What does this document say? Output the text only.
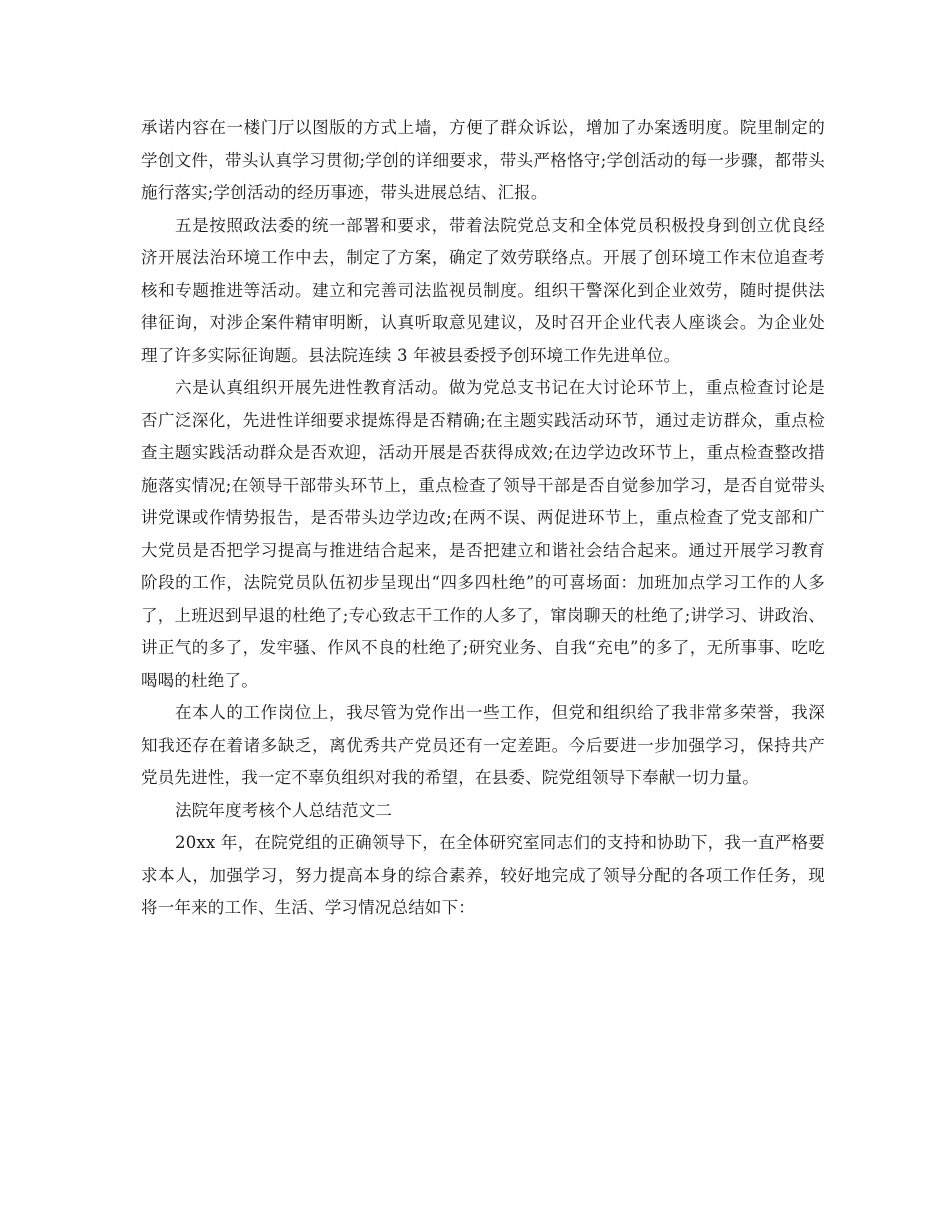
承诺内容在一楼门厅以图版的方式上墙，方便了群众诉讼，增加了办案透明度。院里制定的学创文件，带头认真学习贯彻;学创的详细要求，带头严格恪守;学创活动的每一步骤，都带头施行落实;学创活动的经历事迹，带头进展总结、汇报。

五是按照政法委的统一部署和要求，带着法院党总支和全体党员积极投身到创立优良经济开展法治环境工作中去，制定了方案，确定了效劳联络点。开展了创环境工作末位追查考核和专题推进等活动。建立和完善司法监视员制度。组织干警深化到企业效劳，随时提供法律征询，对涉企案件精审明断，认真听取意见建议，及时召开企业代表人座谈会。为企业处理了许多实际征询题。县法院连续 3 年被县委授予创环境工作先进单位。

六是认真组织开展先进性教育活动。做为党总支书记在大讨论环节上，重点检查讨论是否广泛深化，先进性详细要求提炼得是否精确;在主题实践活动环节，通过走访群众，重点检查主题实践活动群众是否欢迎，活动开展是否获得成效;在边学边改环节上，重点检查整改措施落实情况;在领导干部带头环节上，重点检查了领导干部是否自觉参加学习，是否自觉带头讲党课或作情势报告，是否带头边学边改;在两不误、两促进环节上，重点检查了党支部和广大党员是否把学习提高与推进结合起来，是否把建立和谐社会结合起来。通过开展学习教育阶段的工作，法院党员队伍初步呈现出“四多四杜绝”的可喜场面：加班加点学习工作的人多了，上班迟到早退的杜绝了;专心致志干工作的人多了，窜岗聊天的杜绝了;讲学习、讲政治、讲正气的多了，发牢骚、作风不良的杜绝了;研究业务、自我“充电”的多了，无所事事、吃吃喝喝的杜绝了。

在本人的工作岗位上，我尽管为党作出一些工作，但党和组织给了我非常多荣誉，我深知我还存在着诸多缺乏，离优秀共产党员还有一定差距。今后要进一步加强学习，保持共产党员先进性，我一定不辜负组织对我的希望，在县委、院党组领导下奉献一切力量。

法院年度考核个人总结范文二

20xx 年，在院党组的正确领导下，在全体研究室同志们的支持和协助下，我一直严格要求本人，加强学习，努力提高本身的综合素养，较好地完成了领导分配的各项工作任务，现将一年来的工作、生活、学习情况总结如下：
